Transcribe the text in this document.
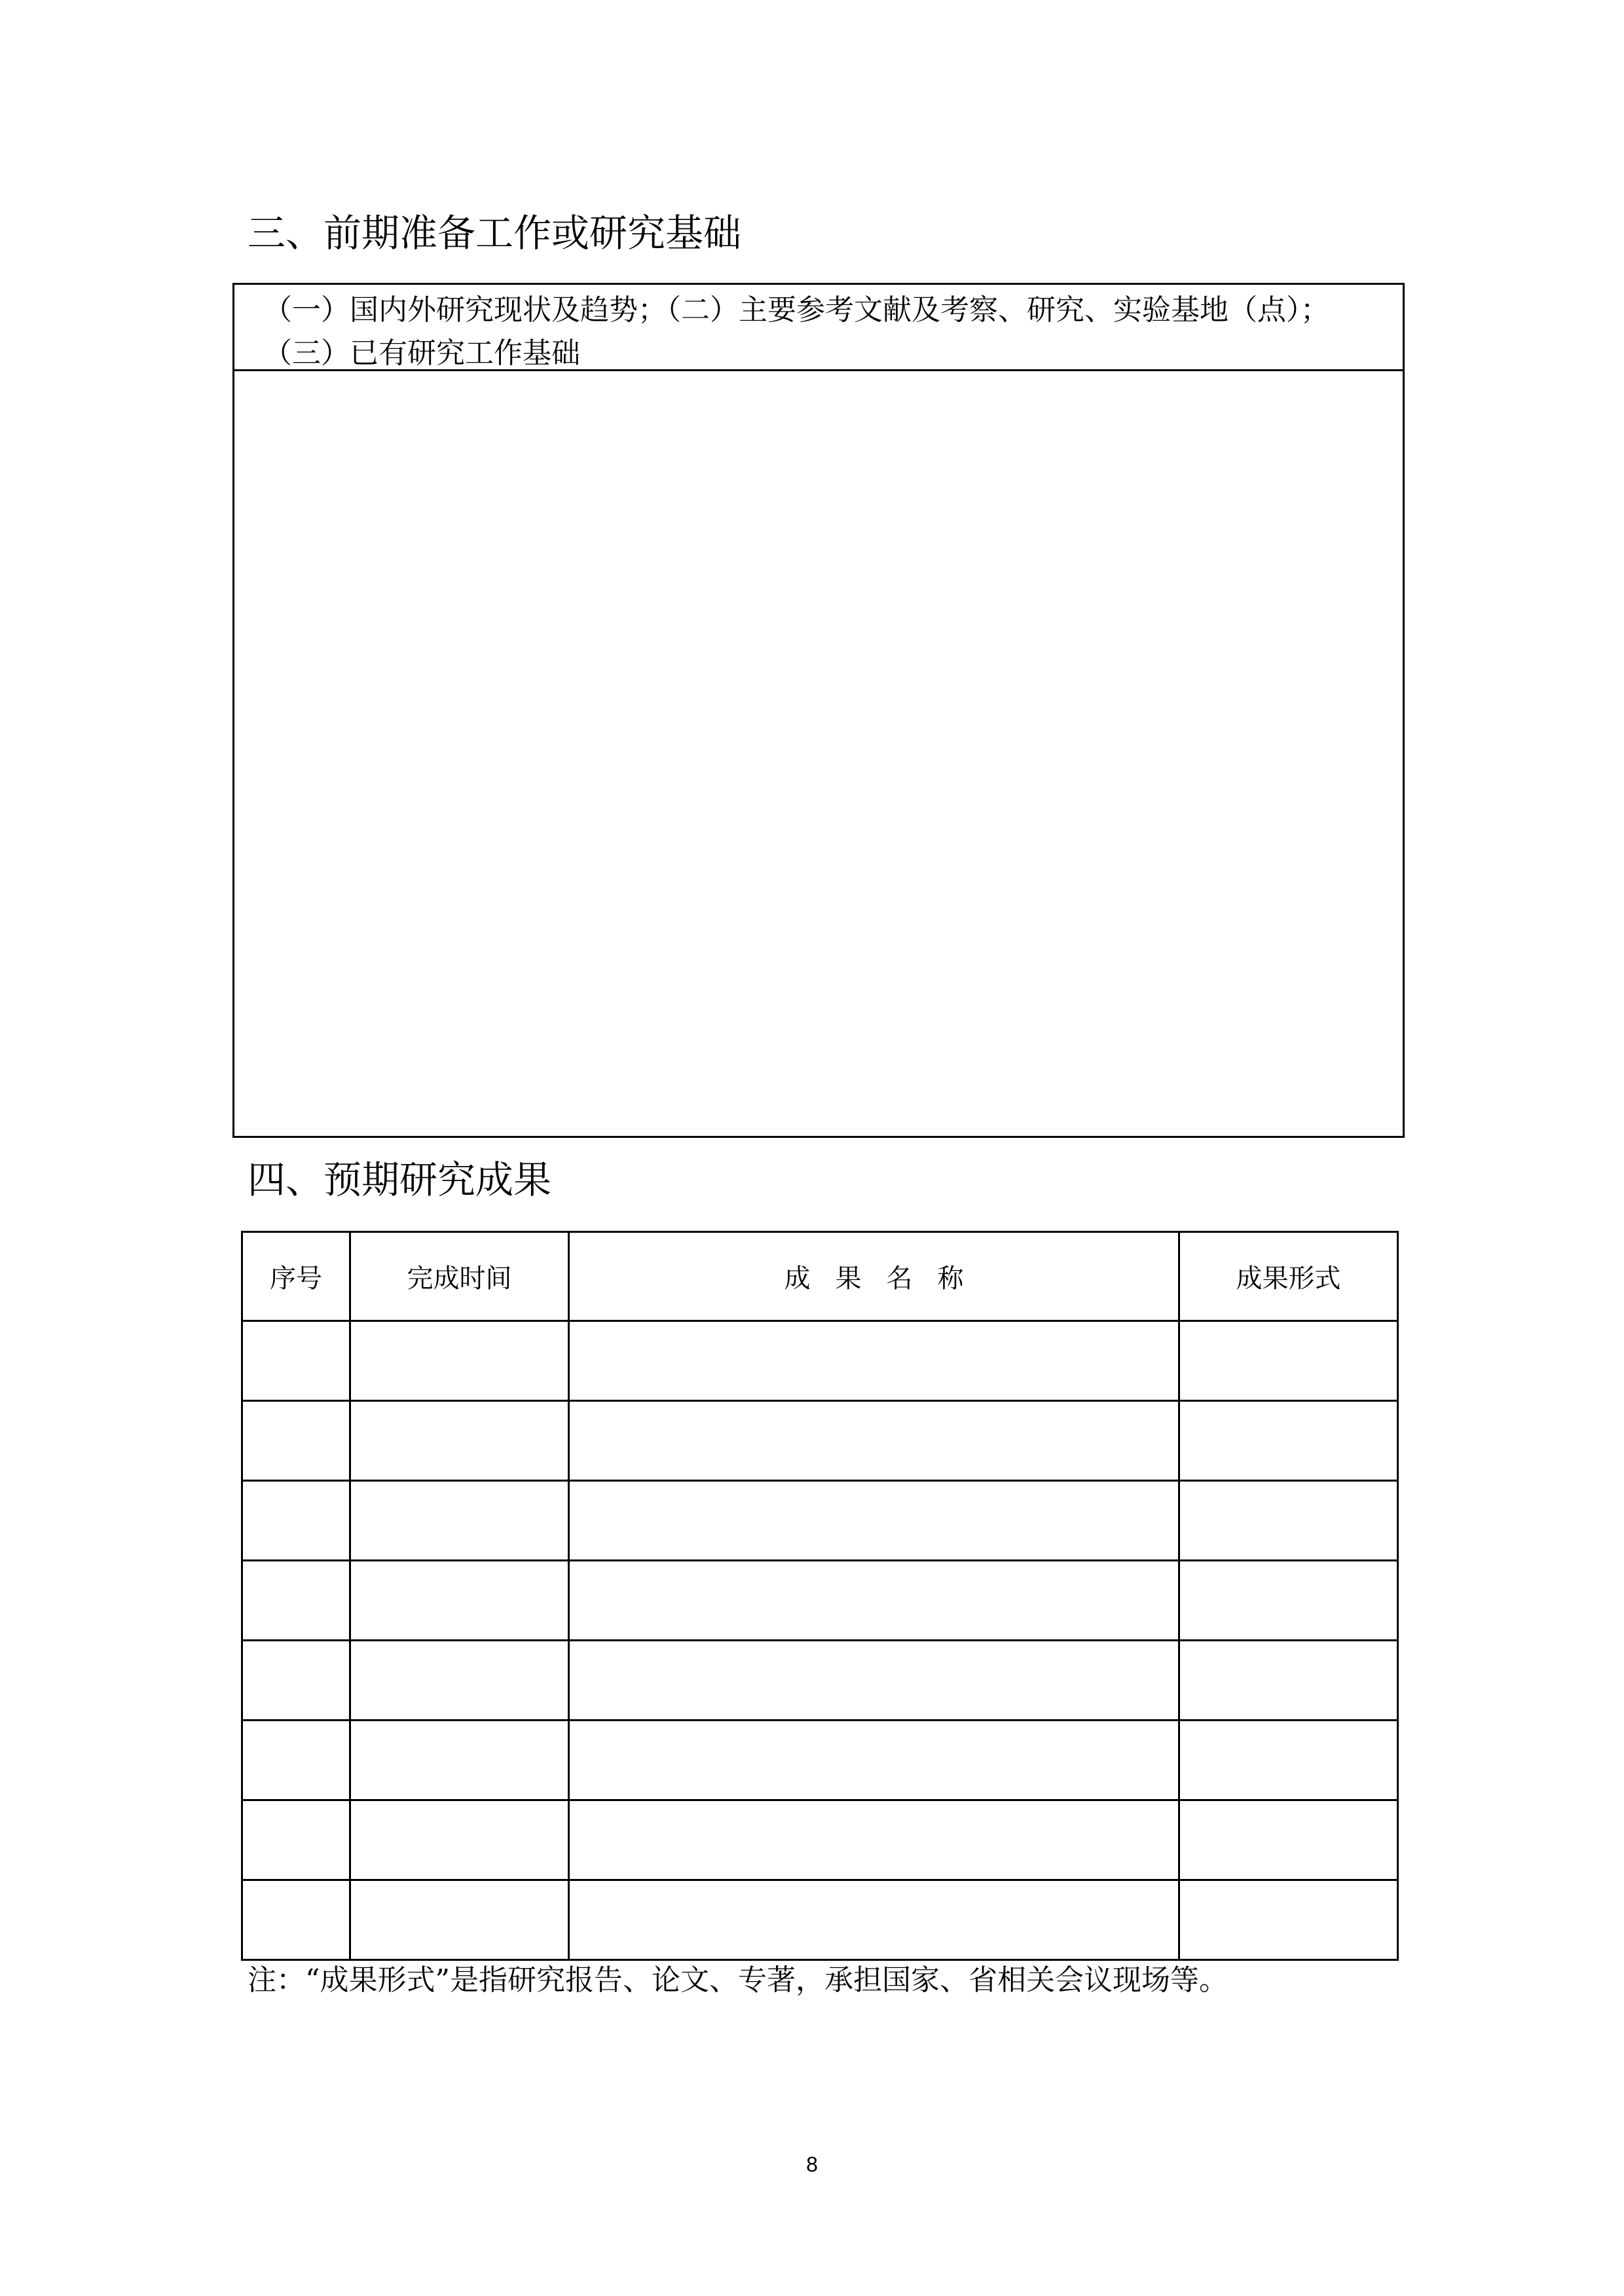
三、前期准备工作或研究基础
（一）国内外研究现状及趋势；（二）主要参考文献及考察、研究、实验基地（点）；
（三）已有研究工作基础
四、预期研究成果
序号	完成时间	成果名称	成果形式

注：“成果形式”是指研究报告、论文、专著，承担国家、省相关会议现场等。

8
